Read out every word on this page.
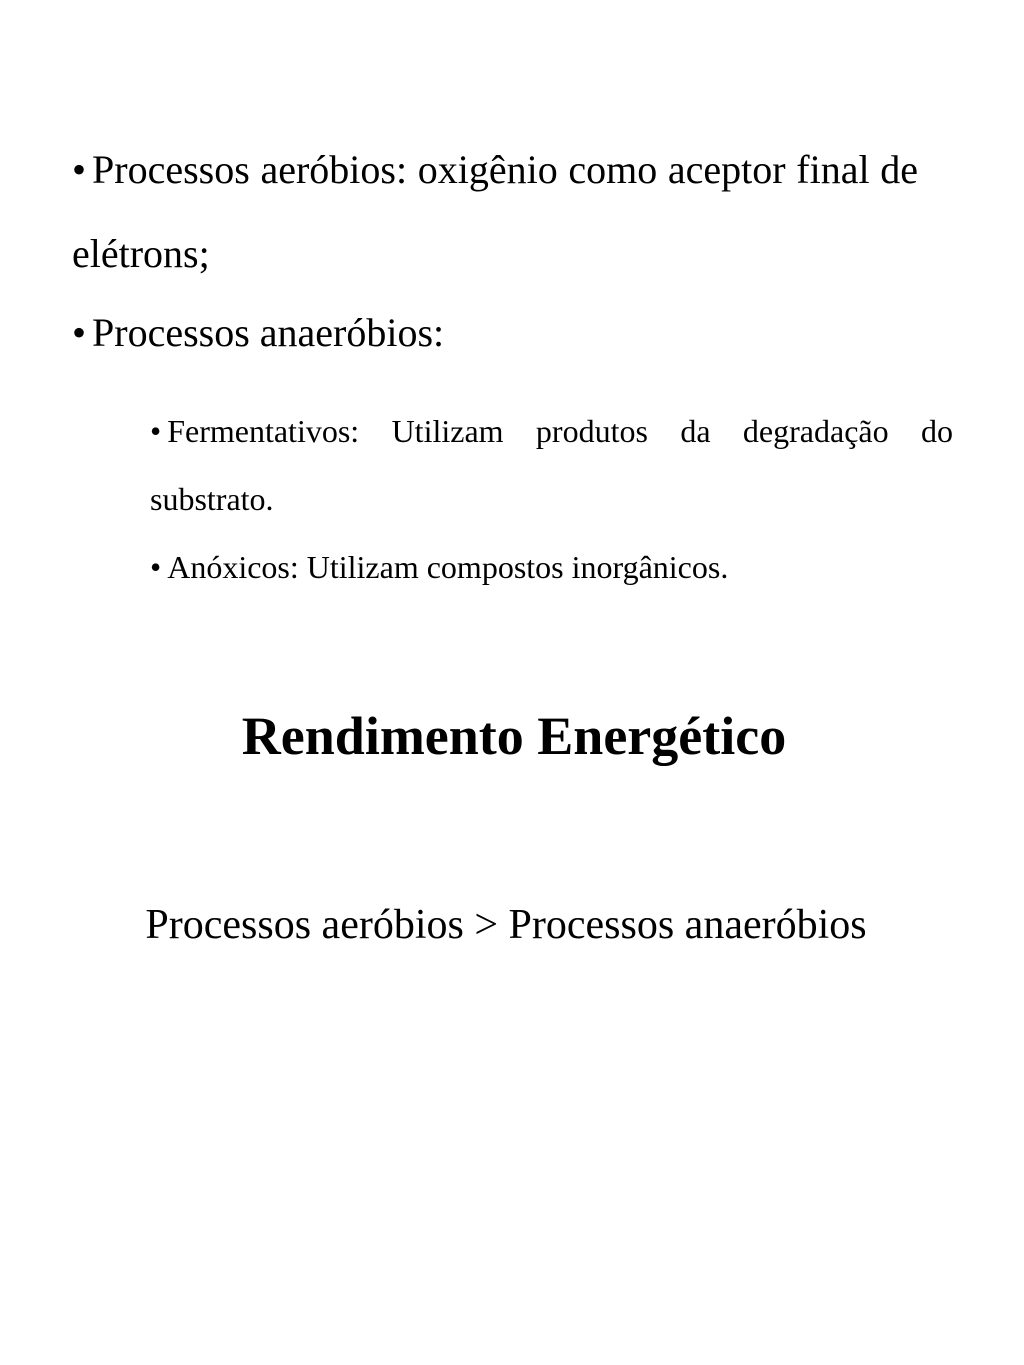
• Processos aeróbios: oxigênio como aceptor final de elétrons;
• Processos anaeróbios:
• Fermentativos: Utilizam produtos da degradação do substrato.
• Anóxicos: Utilizam compostos inorgânicos.
Rendimento Energético
Processos aeróbios > Processos anaeróbios
